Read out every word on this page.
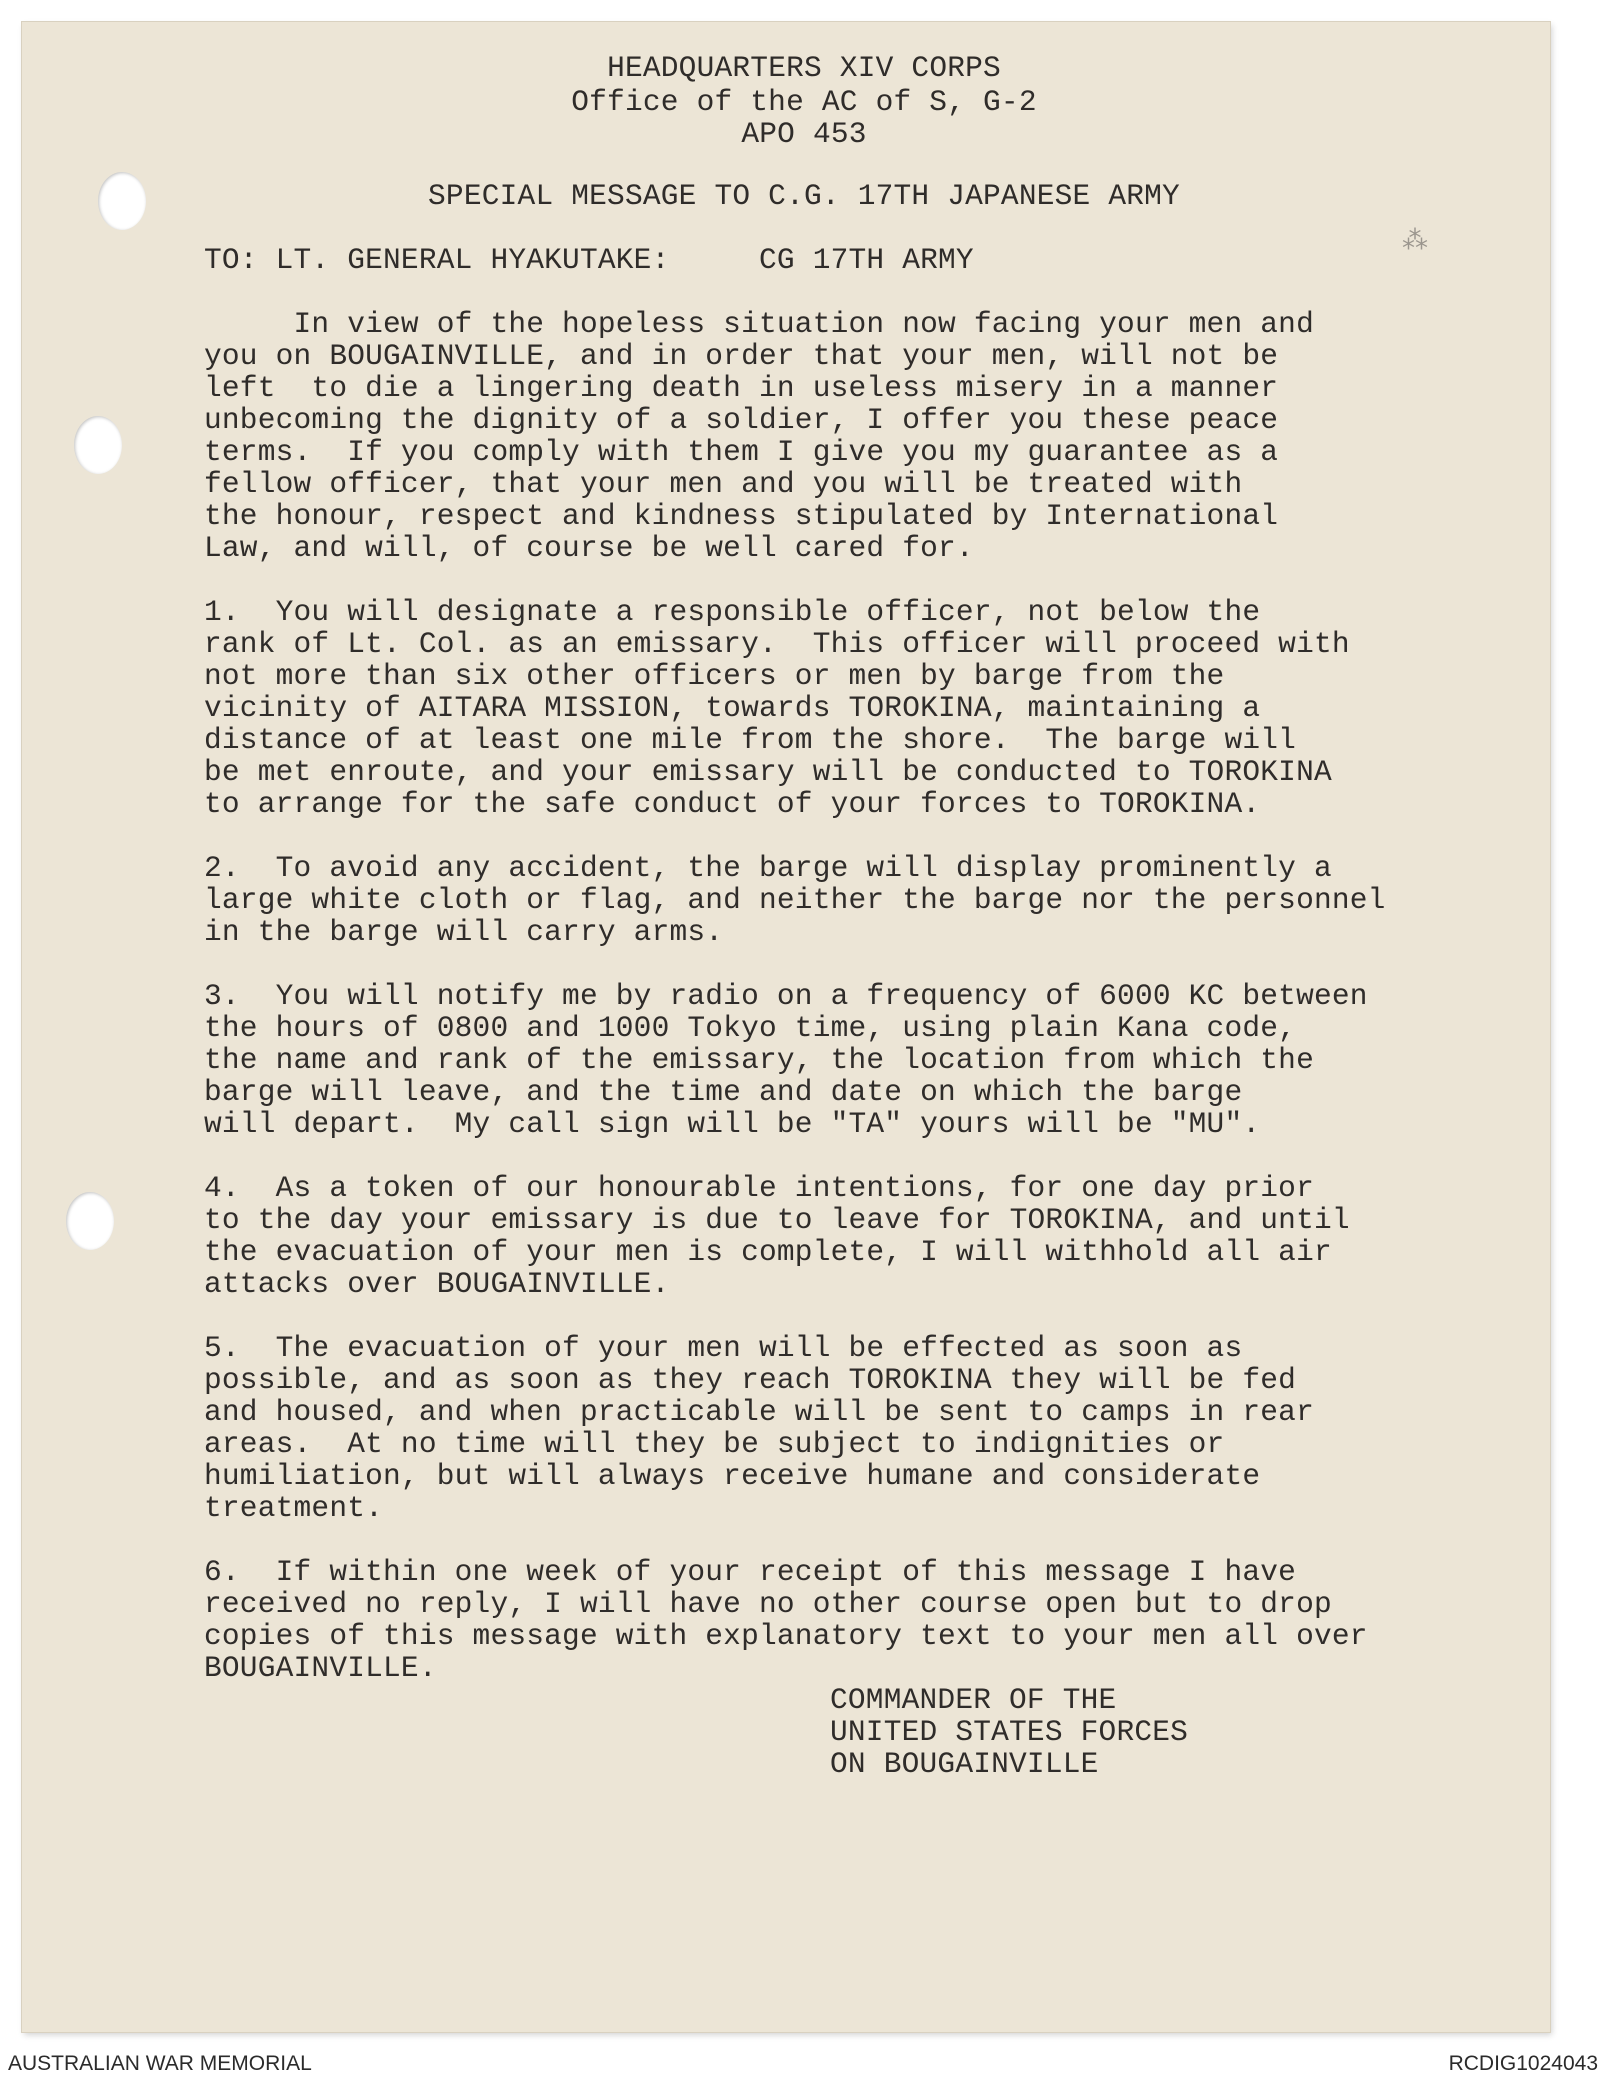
⁂
HEADQUARTERS XIV CORPS
Office of the AC of S, G-2
APO 453
SPECIAL MESSAGE TO C.G. 17TH JAPANESE ARMY
TO: LT. GENERAL HYAKUTAKE:     CG 17TH ARMY
In view of the hopeless situation now facing your men and
you on BOUGAINVILLE, and in order that your men, will not be
left  to die a lingering death in useless misery in a manner
unbecoming the dignity of a soldier, I offer you these peace
terms.  If you comply with them I give you my guarantee as a
fellow officer, that your men and you will be treated with
the honour, respect and kindness stipulated by International
Law, and will, of course be well cared for.
1.  You will designate a responsible officer, not below the
rank of Lt. Col. as an emissary.  This officer will proceed with
not more than six other officers or men by barge from the
vicinity of AITARA MISSION, towards TOROKINA, maintaining a
distance of at least one mile from the shore.  The barge will
be met enroute, and your emissary will be conducted to TOROKINA
to arrange for the safe conduct of your forces to TOROKINA.
2.  To avoid any accident, the barge will display prominently a
large white cloth or flag, and neither the barge nor the personnel
in the barge will carry arms.
3.  You will notify me by radio on a frequency of 6000 KC between
the hours of 0800 and 1000 Tokyo time, using plain Kana code,
the name and rank of the emissary, the location from which the
barge will leave, and the time and date on which the barge
will depart.  My call sign will be "TA" yours will be "MU".
4.  As a token of our honourable intentions, for one day prior
to the day your emissary is due to leave for TOROKINA, and until
the evacuation of your men is complete, I will withhold all air
attacks over BOUGAINVILLE.
5.  The evacuation of your men will be effected as soon as
possible, and as soon as they reach TOROKINA they will be fed
and housed, and when practicable will be sent to camps in rear
areas.  At no time will they be subject to indignities or
humiliation, but will always receive humane and considerate
treatment.
6.  If within one week of your receipt of this message I have
received no reply, I will have no other course open but to drop
copies of this message with explanatory text to your men all over
BOUGAINVILLE.
COMMANDER OF THE
UNITED STATES FORCES
ON BOUGAINVILLE
AUSTRALIAN WAR MEMORIAL	RCDIG1024043
